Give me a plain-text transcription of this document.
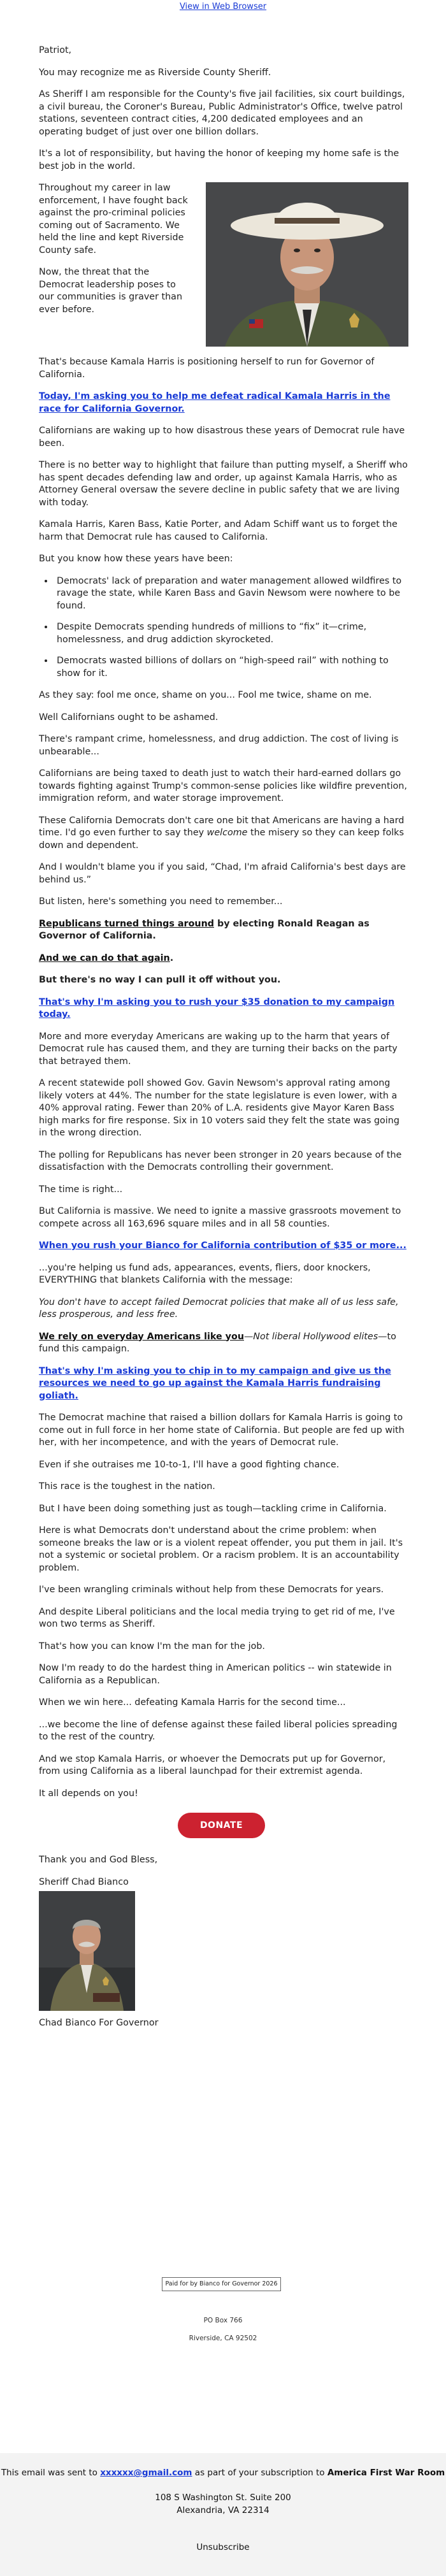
View in Web Browser

Patriot,

You may recognize me as Riverside County Sheriff.

As Sheriff I am responsible for the County's five jail facilities, six court buildings, a civil bureau, the Coroner's Bureau, Public Administrator's Office, twelve patrol stations, seventeen contract cities, 4,200 dedicated employees and an operating budget of just over one billion dollars.

It's a lot of responsibility, but having the honor of keeping my home safe is the best job in the world.

Throughout my career in law enforcement, I have fought back against the pro-criminal policies coming out of Sacramento. We held the line and kept Riverside County safe.

Now, the threat that the Democrat leadership poses to our communities is graver than ever before.

That's because Kamala Harris is positioning herself to run for Governor of California.

Today, I'm asking you to help me defeat radical Kamala Harris in the race for California Governor.

Californians are waking up to how disastrous these years of Democrat rule have been.

There is no better way to highlight that failure than putting myself, a Sheriff who has spent decades defending law and order, up against Kamala Harris, who as Attorney General oversaw the severe decline in public safety that we are living with today.

Kamala Harris, Karen Bass, Katie Porter, and Adam Schiff want us to forget the harm that Democrat rule has caused to California.

But you know how these years have been:

• Democrats' lack of preparation and water management allowed wildfires to ravage the state, while Karen Bass and Gavin Newsom were nowhere to be found.
• Despite Democrats spending hundreds of millions to “fix” it—crime, homelessness, and drug addiction skyrocketed.
• Democrats wasted billions of dollars on “high-speed rail” with nothing to show for it.

As they say: fool me once, shame on you... Fool me twice, shame on me.

Well Californians ought to be ashamed.

There's rampant crime, homelessness, and drug addiction. The cost of living is unbearable...

Californians are being taxed to death just to watch their hard-earned dollars go towards fighting against Trump's common-sense policies like wildfire prevention, immigration reform, and water storage improvement.

These California Democrats don't care one bit that Americans are having a hard time. I'd go even further to say they welcome the misery so they can keep folks down and dependent.

And I wouldn't blame you if you said, “Chad, I'm afraid California's best days are behind us.”

But listen, here's something you need to remember...

Republicans turned things around by electing Ronald Reagan as Governor of California.

And we can do that again.

But there's no way I can pull it off without you.

That's why I'm asking you to rush your $35 donation to my campaign today.

More and more everyday Americans are waking up to the harm that years of Democrat rule has caused them, and they are turning their backs on the party that betrayed them.

A recent statewide poll showed Gov. Gavin Newsom's approval rating among likely voters at 44%. The number for the state legislature is even lower, with a 40% approval rating. Fewer than 20% of L.A. residents give Mayor Karen Bass high marks for fire response. Six in 10 voters said they felt the state was going in the wrong direction.

The polling for Republicans has never been stronger in 20 years because of the dissatisfaction with the Democrats controlling their government.

The time is right...

But California is massive. We need to ignite a massive grassroots movement to compete across all 163,696 square miles and in all 58 counties.

When you rush your Bianco for California contribution of $35 or more...

...you're helping us fund ads, appearances, events, fliers, door knockers, EVERYTHING that blankets California with the message:

You don't have to accept failed Democrat policies that make all of us less safe, less prosperous, and less free.

We rely on everyday Americans like you—Not liberal Hollywood elites—to fund this campaign.

That's why I'm asking you to chip in to my campaign and give us the resources we need to go up against the Kamala Harris fundraising goliath.

The Democrat machine that raised a billion dollars for Kamala Harris is going to come out in full force in her home state of California. But people are fed up with her, with her incompetence, and with the years of Democrat rule.

Even if she outraises me 10-to-1, I'll have a good fighting chance.

This race is the toughest in the nation.

But I have been doing something just as tough—tackling crime in California.

Here is what Democrats don't understand about the crime problem: when someone breaks the law or is a violent repeat offender, you put them in jail. It's not a systemic or societal problem. Or a racism problem. It is an accountability problem.

I've been wrangling criminals without help from these Democrats for years.

And despite Liberal politicians and the local media trying to get rid of me, I've won two terms as Sheriff.

That's how you can know I'm the man for the job.

Now I'm ready to do the hardest thing in American politics -- win statewide in California as a Republican.

When we win here... defeating Kamala Harris for the second time...

...we become the line of defense against these failed liberal policies spreading to the rest of the country.

And we stop Kamala Harris, or whoever the Democrats put up for Governor, from using California as a liberal launchpad for their extremist agenda.

It all depends on you!

DONATE

Thank you and God Bless,

Sheriff Chad Bianco

Chad Bianco For Governor

Paid for by Bianco for Governor 2026
PO Box 766
Riverside, CA 92502
This email was sent to xxxxxx@gmail.com as part of your subscription to America First War Room
108 S Washington St. Suite 200
Alexandria, VA 22314
Unsubscribe
